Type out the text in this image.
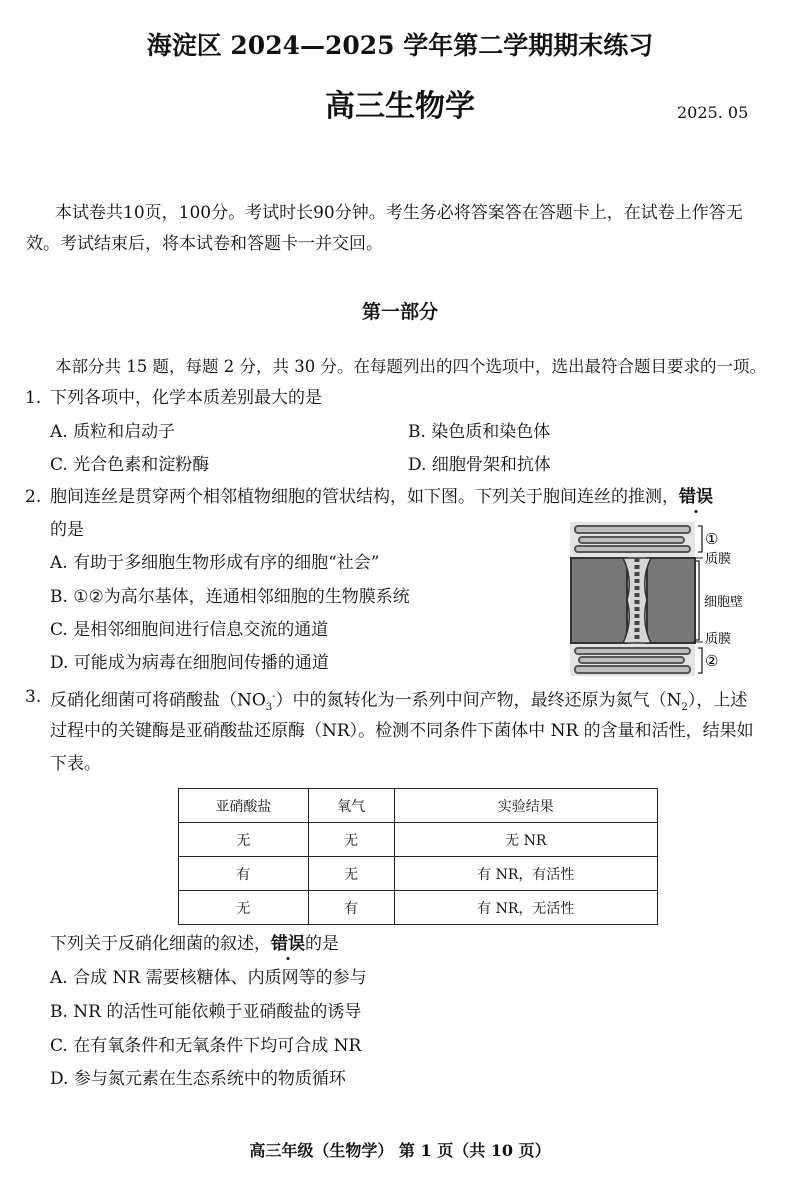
海淀区 2024—2025 学年第二学期期末练习
高三生物学	2025. 05
本试卷共10页，100分。考试时长90分钟。考生务必将答案答在答题卡上，在试卷上作答无
效。考试结束后，将本试卷和答题卡一并交回。
第一部分
本部分共 15 题，每题 2 分，共 30 分。在每题列出的四个选项中，选出最符合题目要求的一项。
1. 下列各项中，化学本质差别最大的是
A. 质粒和启动子	B. 染色质和染色体
C. 光合色素和淀粉酶	D. 细胞骨架和抗体
2. 胞间连丝是贯穿两个相邻植物细胞的管状结构，如下图。下列关于胞间连丝的推测，错误
的是
A. 有助于多细胞生物形成有序的细胞“社会”
B. ①②为高尔基体，连通相邻细胞的生物膜系统
C. 是相邻细胞间进行信息交流的通道
D. 可能成为病毒在细胞间传播的通道
①
质膜
细胞壁
质膜
②
3. 反硝化细菌可将硝酸盐$(NO_3^-)$中的氮转化为一系列中间产物，最终还原为氮气$(N_2)$，上述
过程中的关键酶是亚硝酸盐还原酶（NR）。检测不同条件下菌体中 NR 的含量和活性，结果如
下表。
亚硝酸盐	氧气	实验结果
无	无	无 NR
有	无	有 NR，有活性
无	有	有 NR，无活性
下列关于反硝化细菌的叙述，错误的是
A. 合成 NR 需要核糖体、内质网等的参与
B. NR 的活性可能依赖于亚硝酸盐的诱导
C. 在有氧条件和无氧条件下均可合成 NR
D. 参与氮元素在生态系统中的物质循环
高三年级（生物学） 第 1 页（共 10 页）
